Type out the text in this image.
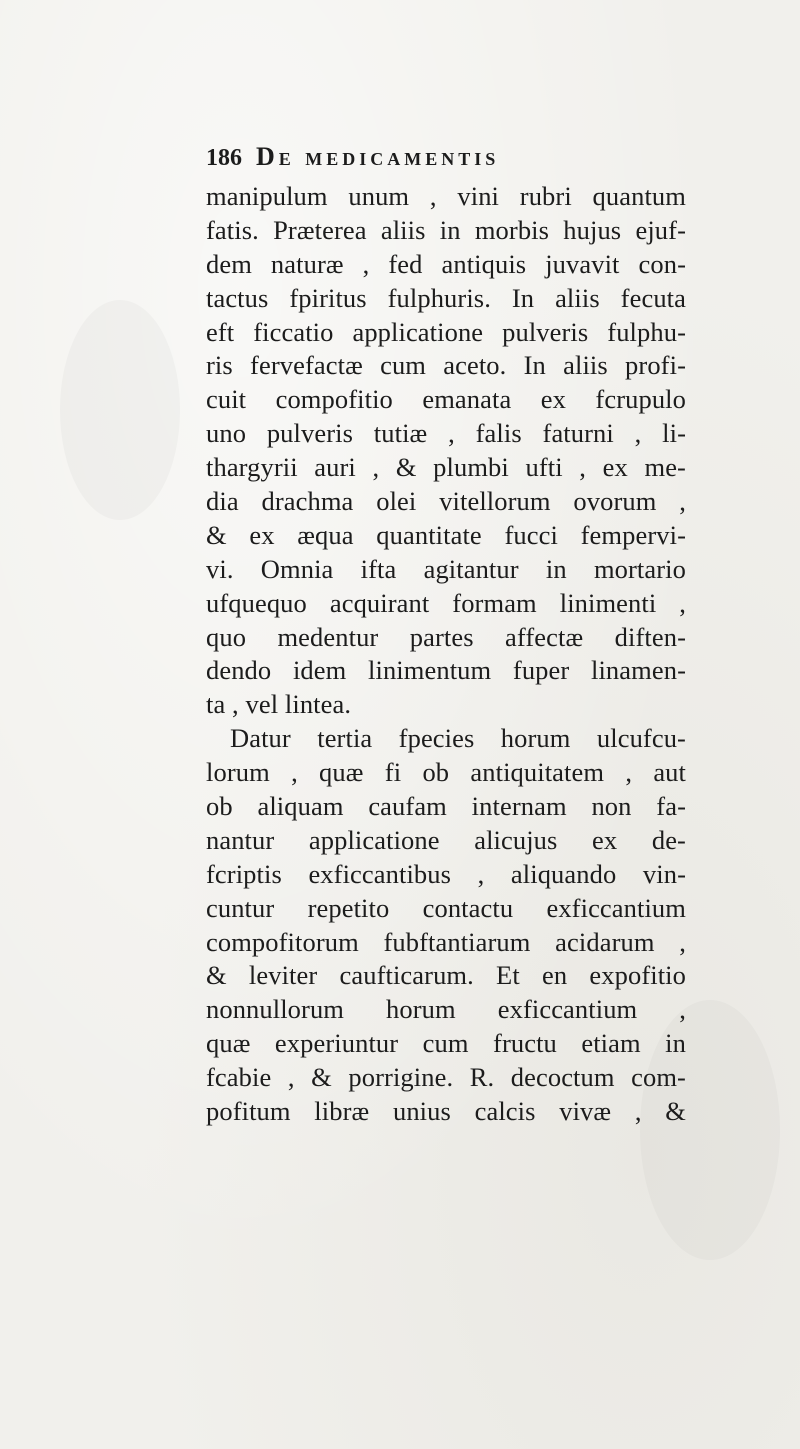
186 De medicamentis
manipulum unum , vini rubri quantum
fatis. Præterea aliis in morbis hujus ejuf-
dem naturæ , fed antiquis juvavit con-
tactus fpiritus fulphuris. In aliis fecuta
eft ficcatio applicatione pulveris fulphu-
ris fervefactæ cum aceto. In aliis profi-
cuit compofitio emanata ex fcrupulo
uno pulveris tutiæ , falis faturni , li-
thargyrii auri , & plumbi ufti , ex me-
dia drachma olei vitellorum ovorum ,
& ex æqua quantitate fucci fempervi-
vi. Omnia ifta agitantur in mortario
ufquequo acquirant formam linimenti ,
quo medentur partes affectæ diften-
dendo idem linimentum fuper linamen-
ta , vel lintea.
Datur tertia fpecies horum ulcufcu-
lorum , quæ fi ob antiquitatem , aut
ob aliquam caufam internam non fa-
nantur applicatione alicujus ex de-
fcriptis exficcantibus , aliquando vin-
cuntur repetito contactu exficcantium
compofitorum fubftantiarum acidarum ,
& leviter caufticarum. Et en expofitio
nonnullorum horum exficcantium ,
quæ experiuntur cum fructu etiam in
fcabie , & porrigine. R. decoctum com-
pofitum libræ unius calcis vivæ , &
